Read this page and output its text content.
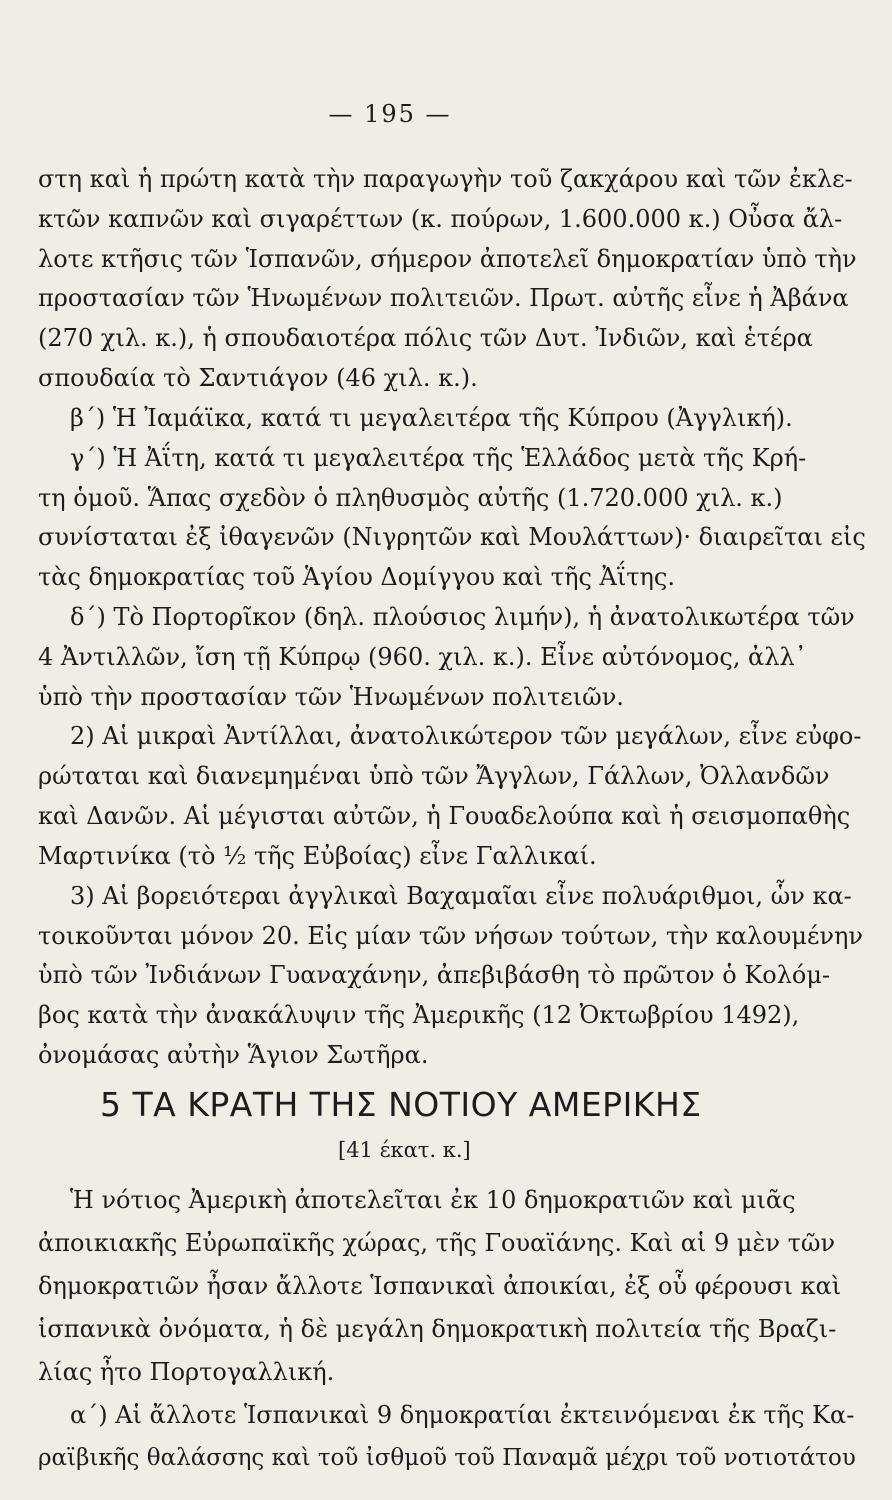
— 195 —
στη καὶ ἡ πρώτη κατὰ τὴν παραγωγὴν τοῦ ζακχάρου καὶ τῶν ἐκλε-
κτῶν καπνῶν καὶ σιγαρέττων (κ. πούρων, 1.600.000 κ.) Οὖσα ἄλ-
λοτε κτῆσις τῶν Ἱσπανῶν, σήμερον ἀποτελεῖ δημοκρατίαν ὑπὸ τὴν
προστασίαν τῶν Ἡνωμένων πολιτειῶν. Πρωτ. αὐτῆς εἶνε ἡ Ἀβάνα
(270 χιλ. κ.), ἡ σπουδαιοτέρα πόλις τῶν Δυτ. Ἰνδιῶν, καὶ ἑτέρα
σπουδαία τὸ Σαντιάγον (46 χιλ. κ.).
β΄) Ἡ Ἰαμάϊκα, κατά τι μεγαλειτέρα τῆς Κύπρου (Ἀγγλική).
γ΄) Ἡ Ἀΐτη, κατά τι μεγαλειτέρα τῆς Ἑλλάδος μετὰ τῆς Κρή-
τη ὁμοῦ. Ἅπας σχεδὸν ὁ πληθυσμὸς αὐτῆς (1.720.000 χιλ. κ.)
συνίσταται ἐξ ἰθαγενῶν (Νιγρητῶν καὶ Μουλάττων)· διαιρεῖται εἰς
τὰς δημοκρατίας τοῦ Ἁγίου Δομίγγου καὶ τῆς Ἀΐτης.
δ΄) Τὸ Πορτορῖκον (δηλ. πλούσιος λιμήν), ἡ ἀνατολικωτέρα τῶν
4 Ἀντιλλῶν, ἴση τῇ Κύπρῳ (960. χιλ. κ.). Εἶνε αὐτόνομος, ἀλλ᾽
ὑπὸ τὴν προστασίαν τῶν Ἡνωμένων πολιτειῶν.
2) Αἱ μικραὶ Ἀντίλλαι, ἀνατολικώτερον τῶν μεγάλων, εἶνε εὐφο-
ρώταται καὶ διανεμημέναι ὑπὸ τῶν Ἄγγλων, Γάλλων, Ὀλλανδῶν
καὶ Δανῶν. Αἱ μέγισται αὐτῶν, ἡ Γουαδελούπα καὶ ἡ σεισμοπαθὴς
Μαρτινίκα (τὸ ½ τῆς Εὐβοίας) εἶνε Γαλλικαί.
3) Αἱ βορειότεραι ἀγγλικαὶ Βαχαμαῖαι εἶνε πολυάριθμοι, ὧν κα-
τοικοῦνται μόνον 20. Εἰς μίαν τῶν νήσων τούτων, τὴν καλουμένην
ὑπὸ τῶν Ἰνδιάνων Γυαναχάνην, ἀπεβιβάσθη τὸ πρῶτον ὁ Κολόμ-
βος κατὰ τὴν ἀνακάλυψιν τῆς Ἀμερικῆς (12 Ὀκτωβρίου 1492),
ὀνομάσας αὐτὴν Ἅγιον Σωτῆρα.
5 ΤΑ ΚΡΑΤΗ ΤΗΣ ΝΟΤΙΟΥ ΑΜΕΡΙΚΗΣ
[41 έκατ. κ.]
Ἡ νότιος Ἀμερικὴ ἀποτελεῖται ἐκ 10 δημοκρατιῶν καὶ μιᾶς
ἀποικιακῆς Εὐρωπαϊκῆς χώρας, τῆς Γουαϊάνης. Καὶ αἱ 9 μὲν τῶν
δημοκρατιῶν ἦσαν ἄλλοτε Ἱσπανικαὶ ἀποικίαι, ἐξ οὗ φέρουσι καὶ
ἱσπανικὰ ὀνόματα, ἡ δὲ μεγάλη δημοκρατικὴ πολιτεία τῆς Βραζι-
λίας ἦτο Πορτογαλλική.
α΄) Αἱ ἄλλοτε Ἱσπανικαὶ 9 δημοκρατίαι ἐκτεινόμεναι ἐκ τῆς Κα-
ραϊβικῆς θαλάσσης καὶ τοῦ ἰσθμοῦ τοῦ Παναμᾶ μέχρι τοῦ νοτιοτάτου
